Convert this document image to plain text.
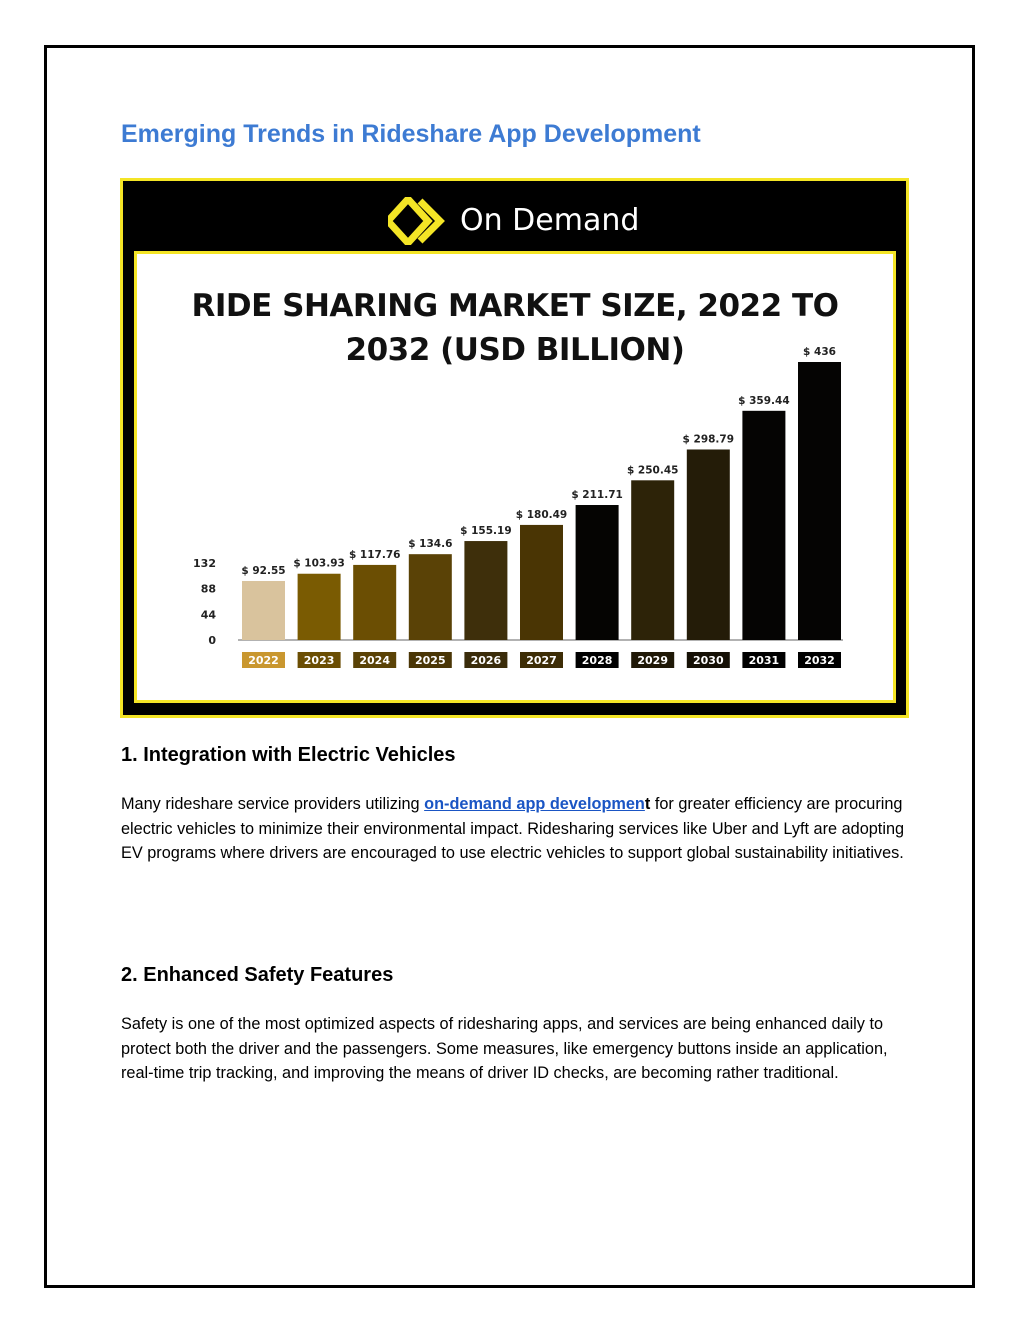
Emerging Trends in Rideshare App Development
On Demand
RIDE SHARING MARKET SIZE, 2022 TO
2032 (USD BILLION)
132
88
44
0
$ 92.55
2022
$ 103.93
2023
$ 117.76
2024
$ 134.6
2025
$ 155.19
2026
$ 180.49
2027
$ 211.71
2028
$ 250.45
2029
$ 298.79
2030
$ 359.44
2031
$ 436
2032
1. Integration with Electric Vehicles

Many rideshare service providers utilizing on-demand app development for greater efficiency are procuring electric vehicles to minimize their environmental impact. Ridesharing services like Uber and Lyft are adopting EV programs where drivers are encouraged to use electric vehicles to support global sustainability initiatives.

2. Enhanced Safety Features

Safety is one of the most optimized aspects of ridesharing apps, and services are being enhanced daily to protect both the driver and the passengers. Some measures, like emergency buttons inside an application, real-time trip tracking, and improving the means of driver ID checks, are becoming rather traditional.
